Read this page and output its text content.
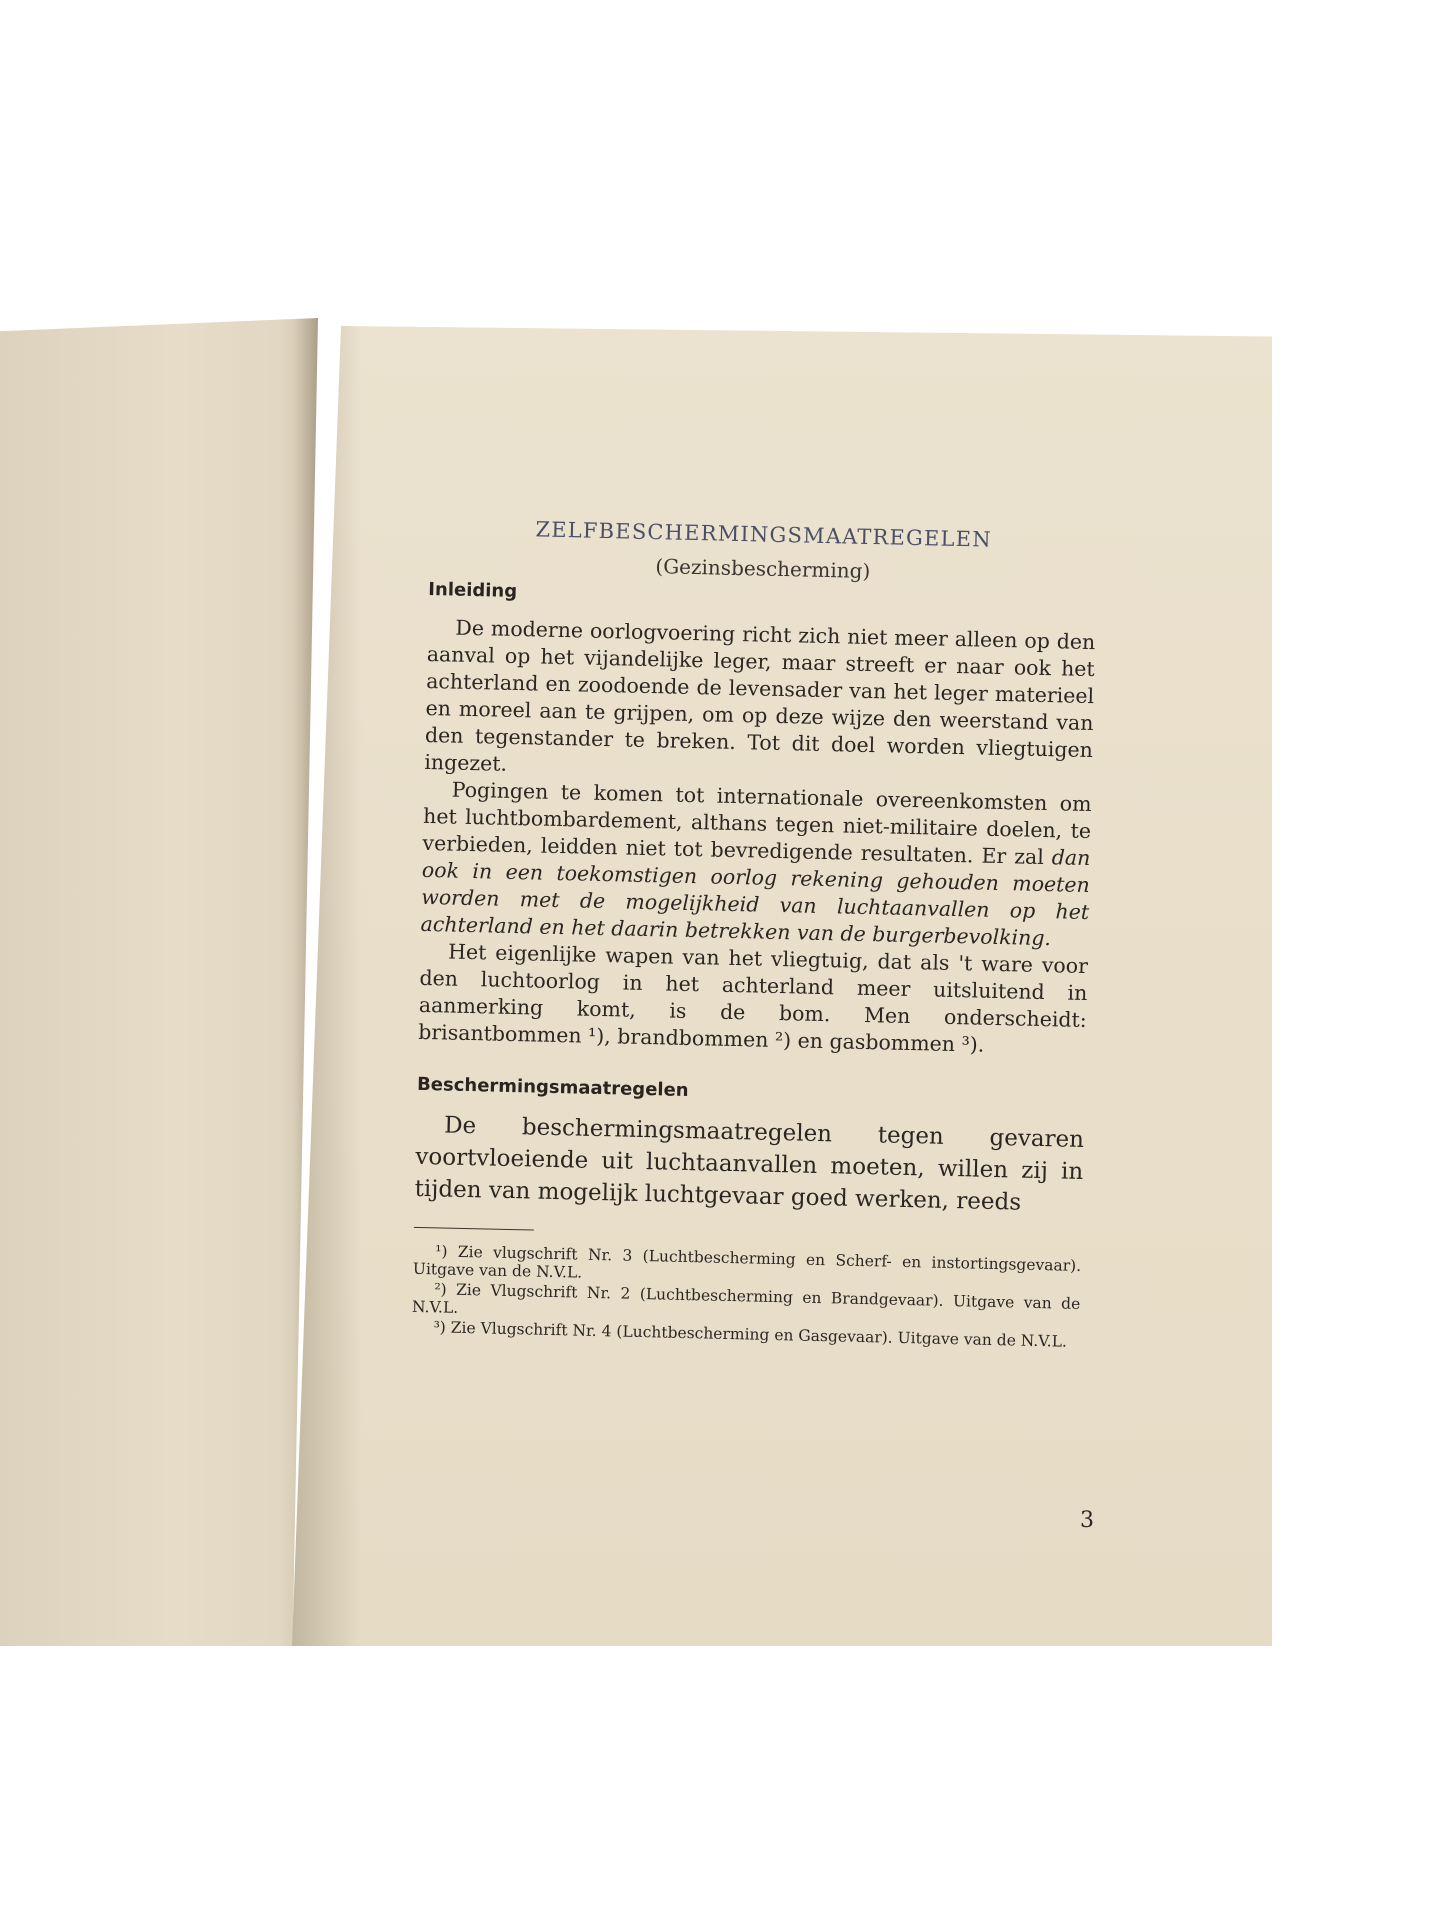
ZELFBESCHERMINGSMAATREGELEN
(Gezinsbescherming)
Inleiding

De moderne oorlogvoering richt zich niet meer alleen op den aanval op het vijandelijke leger, maar streeft er naar ook het achterland en zoodoende de levensader van het leger materieel en moreel aan te grijpen, om op deze wijze den weerstand van den tegenstander te breken. Tot dit doel worden vliegtuigen ingezet.

Pogingen te komen tot internationale overeenkomsten om het luchtbombardement, althans tegen niet-militaire doelen, te verbieden, leidden niet tot bevredigende resultaten. Er zal dan ook in een toekomstigen oorlog rekening gehouden moeten worden met de mogelijkheid van luchtaanvallen op het achterland en het daarin betrekken van de burgerbevolking.

Het eigenlijke wapen van het vliegtuig, dat als 't ware voor den luchtoorlog in het achterland meer uitsluitend in aanmerking komt, is de bom. Men onderscheidt: brisantbommen ¹), brandbommen ²) en gasbommen ³).

Beschermingsmaatregelen

De beschermingsmaatregelen tegen gevaren voortvloeiende uit luchtaanvallen moeten, willen zij in tijden van mogelijk luchtgevaar goed werken, reeds

¹) Zie vlugschrift Nr. 3 (Luchtbescherming en Scherf- en instortingsgevaar). Uitgave van de N.V.L.

²) Zie Vlugschrift Nr. 2 (Luchtbescherming en Brandgevaar). Uitgave van de N.V.L.

³) Zie Vlugschrift Nr. 4 (Luchtbescherming en Gasgevaar). Uitgave van de N.V.L.

3
